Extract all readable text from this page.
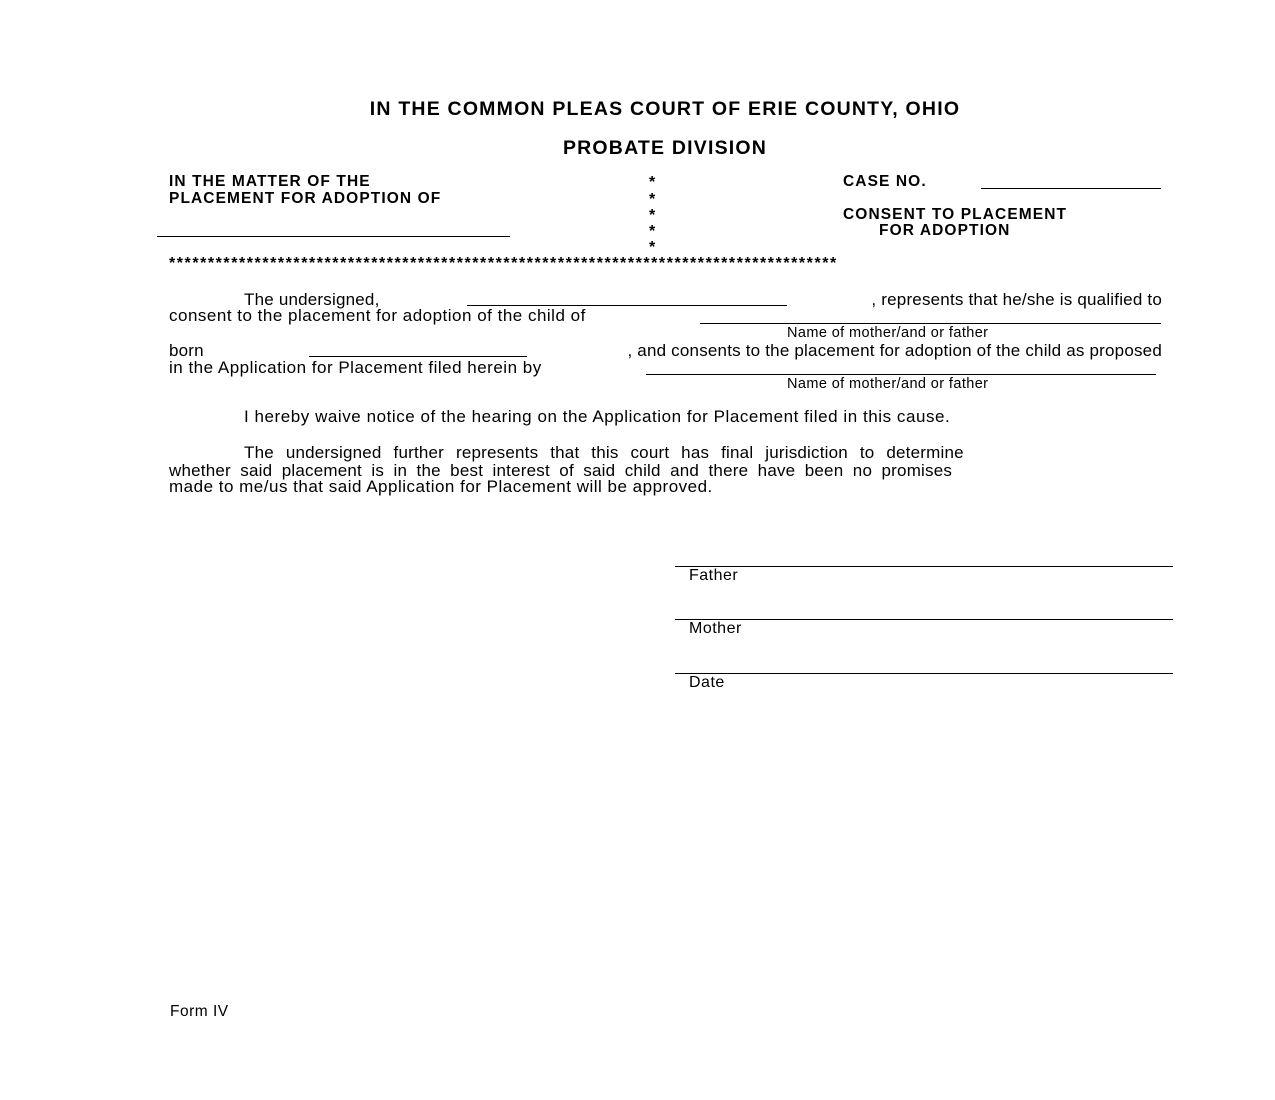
IN THE COMMON PLEAS COURT OF ERIE COUNTY, OHIO
PROBATE DIVISION
IN THE MATTER OF THE
PLACEMENT FOR ADOPTION OF
*
*
*
*
*
CASE NO.
CONSENT TO PLACEMENT
FOR ADOPTION
**************************************************************************************
The undersigned,	, represents that he/she is qualified to
consent to the placement for adoption of the child of
Name of mother/and or father
born	, and consents to the placement for adoption of the child as proposed
in the Application for Placement filed herein by
Name of mother/and or father
I hereby waive notice of the hearing on the Application for Placement filed in this cause.
The undersigned further represents that this court has final jurisdiction to determine
whether said placement is in the best interest of said child and there have been no promises
made to me/us that said Application for Placement will be approved.
Father
Mother
Date
Form IV
